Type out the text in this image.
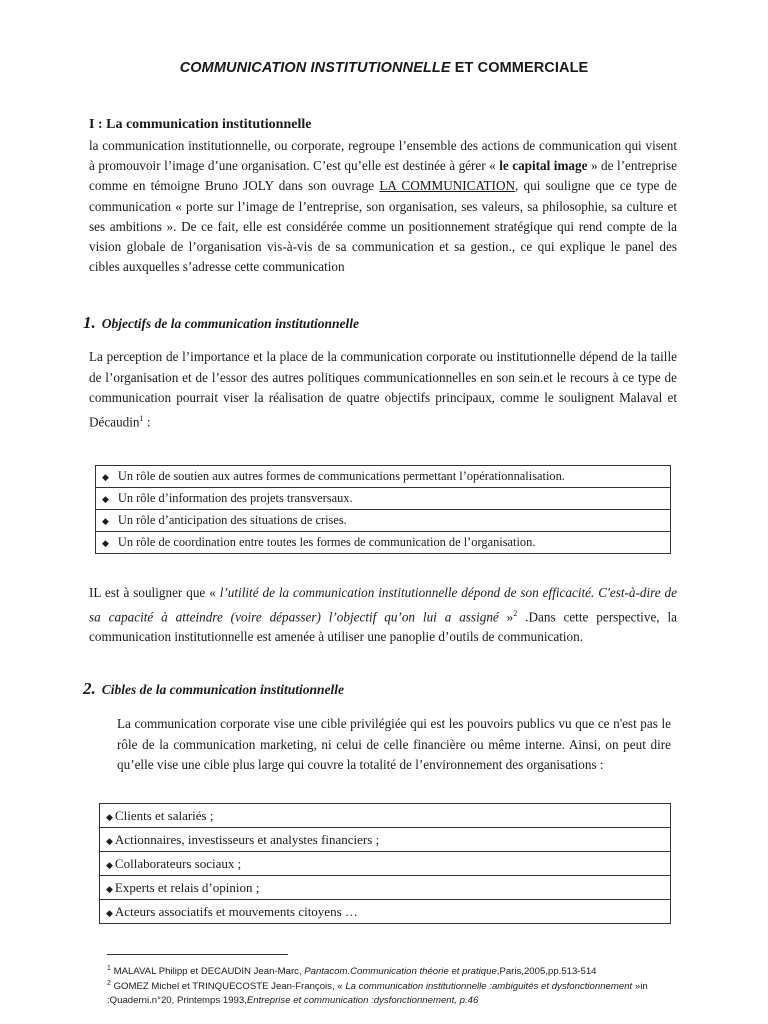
COMMUNICATION INSTITUTIONNELLE ET COMMERCIALE
I : La communication institutionnelle

la communication institutionnelle, ou corporate, regroupe l’ensemble des actions de communication qui visent à promouvoir l’image d’une organisation. C’est qu’elle est destinée à gérer « le capital image » de l’entreprise comme en témoigne Bruno JOLY dans son ouvrage LA COMMUNICATION, qui souligne que ce type de communication « porte sur l’image de l’entreprise, son organisation, ses valeurs, sa philosophie, sa culture et ses ambitions ». De ce fait, elle est considérée comme un positionnement stratégique qui rend compte de la vision globale de l’organisation vis-à-vis de sa communication et sa gestion., ce qui explique le panel des cibles auxquelles s’adresse cette communication

1. Objectifs de la communication institutionnelle

La perception de l’importance et la place de la communication corporate ou institutionnelle dépend de la taille de l’organisation et de l’essor des autres politiques communicationnelles en son sein.et le recours à ce type de communication pourrait viser la réalisation de quatre objectifs principaux, comme le soulignent Malaval et Décaudin$^1$ :

◆ Un rôle de soutien aux autres formes de communications permettant l’opérationnalisation.
◆ Un rôle d’information des projets transversaux.
◆ Un rôle d’anticipation des situations de crises.
◆ Un rôle de coordination entre toutes les formes de communication de l’organisation.

IL est à souligner que « l’utilité de la communication institutionnelle dépond de son efficacité. C'est-à-dire de sa capacité à atteindre (voire dépasser) l’objectif qu’on lui a assigné »$^2$ .Dans cette perspective, la communication institutionnelle est amenée à utiliser une panoplie d’outils de communication.

2. Cibles de la communication institutionnelle

La communication corporate vise une cible privilégiée qui est les pouvoirs publics vu que ce n'est pas le rôle de la communication marketing, ni celui de celle financière ou même interne. Ainsi, on peut dire qu’elle vise une cible plus large qui couvre la totalité de l’environnement des organisations :

◆ Clients et salariés ;
◆ Actionnaires, investisseurs et analystes financiers ;
◆ Collaborateurs sociaux ;
◆ Experts et relais d’opinion ;
◆ Acteurs associatifs et mouvements citoyens …

$^1$ MALAVAL Philipp et DECAUDIN Jean-Marc, Pantacom.Communication théorie et pratique,Paris,2005,pp.513-514

$^2$ GOMEZ Michel et TRINQUECOSTE Jean-François, « La communication institutionnelle :ambiguités et dysfonctionnement »in :Quaderni.n°20, Printemps 1993,Entreprise et communication :dysfonctionnement, p.46
